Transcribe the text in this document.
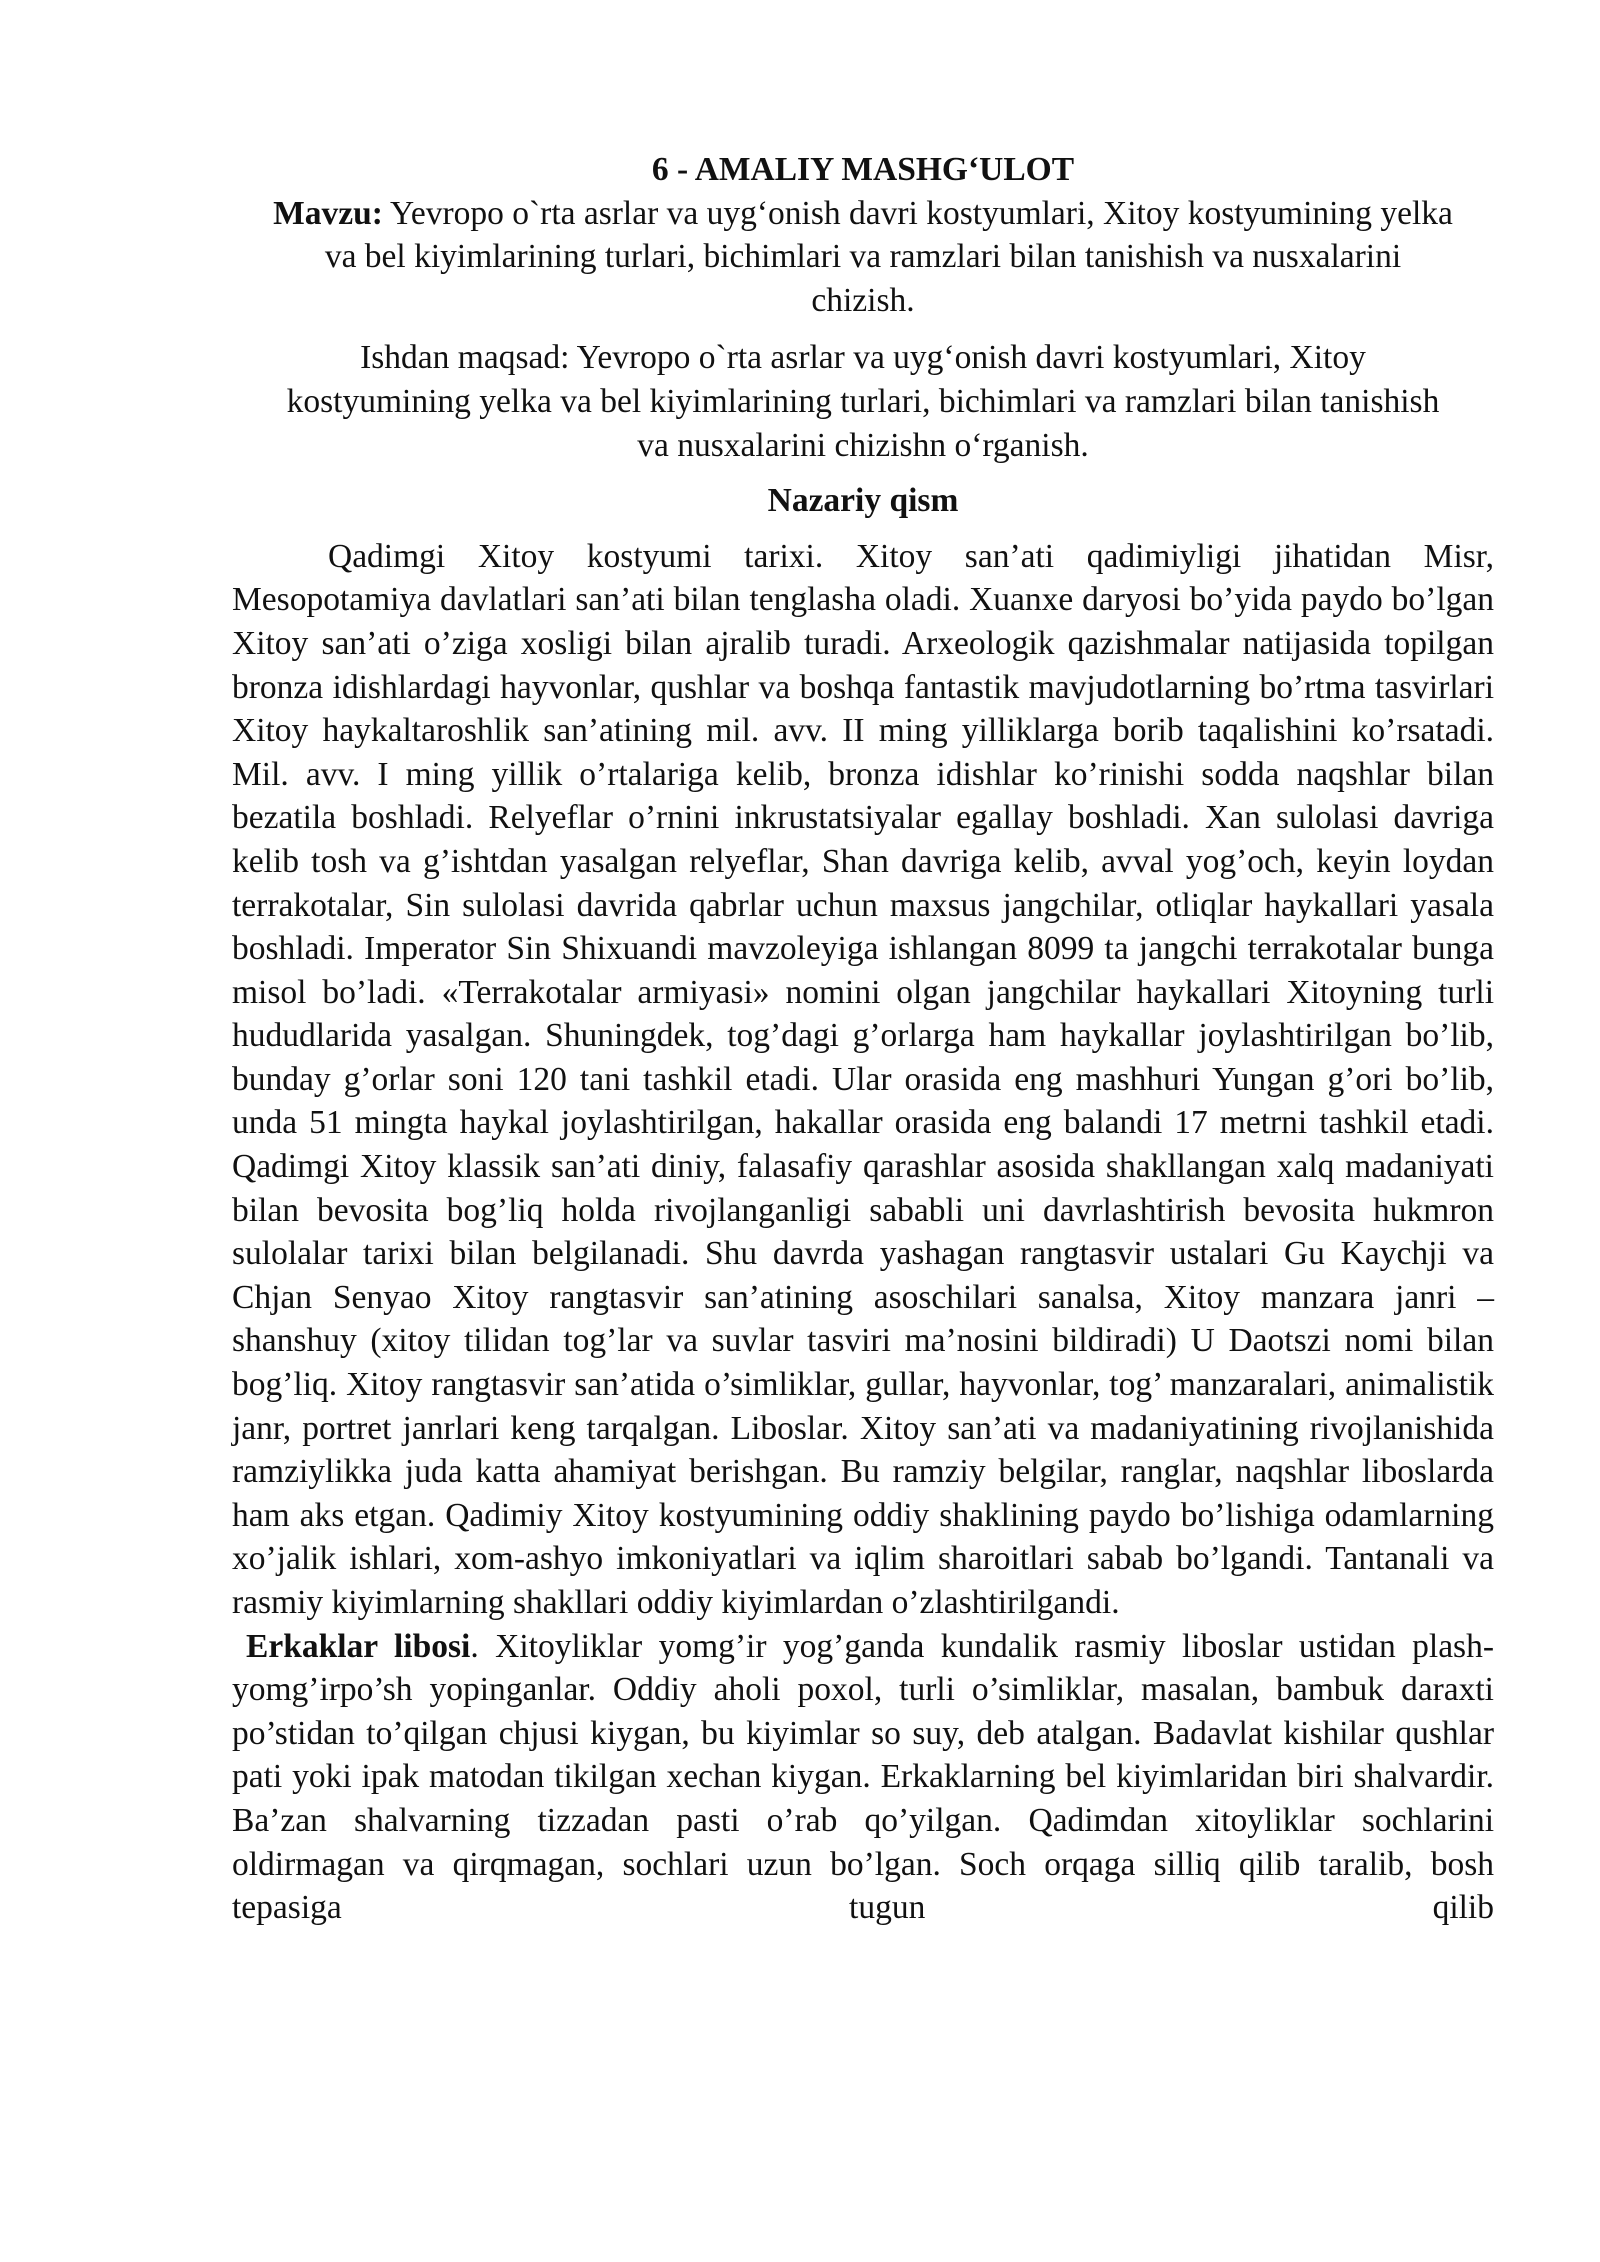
6 - AMALIY MASHG‘ULOT

Mavzu: Yevropo o`rta asrlar va uyg‘onish davri kostyumlari, Xitoy kostyumining yelka va bel kiyimlarining turlari, bichimlari va ramzlari bilan tanishish va nusxalarini chizish.

Ishdan maqsad: Yevropo o`rta asrlar va uyg‘onish davri kostyumlari, Xitoy kostyumining yelka va bel kiyimlarining turlari, bichimlari va ramzlari bilan tanishish va nusxalarini chizishn o‘rganish.

Nazariy qism

Qadimgi Xitoy kostyumi tarixi. Xitoy san’ati qadimiyligi jihatidan Misr, Mesopotamiya davlatlari san’ati bilan tenglasha oladi. Xuanxe daryosi bo’yida paydo bo’lgan Xitoy san’ati o’ziga xosligi bilan ajralib turadi. Arxeologik qazishmalar natijasida topilgan bronza idishlardagi hayvonlar, qushlar va boshqa fantastik mavjudotlarning bo’rtma tasvirlari Xitoy haykaltaroshlik san’atining mil. avv. II ming yilliklarga borib taqalishini ko’rsatadi. Mil. avv. I ming yillik o’rtalariga kelib, bronza idishlar ko’rinishi sodda naqshlar bilan bezatila boshladi. Relyeflar o’rnini inkrustatsiyalar egallay boshladi. Xan sulolasi davriga kelib tosh va g’ishtdan yasalgan relyeflar, Shan davriga kelib, avval yog’och, keyin loydan terrakotalar, Sin sulolasi davrida qabrlar uchun maxsus jangchilar, otliqlar haykallari yasala boshladi. Imperator Sin Shixuandi mavzoleyiga ishlangan 8099 ta jangchi terrakotalar bunga misol bo’ladi. «Terrakotalar armiyasi» nomini olgan jangchilar haykallari Xitoyning turli hududlarida yasalgan. Shuningdek, tog’dagi g’orlarga ham haykallar joylashtirilgan bo’lib, bunday g’orlar soni 120 tani tashkil etadi. Ular orasida eng mashhuri Yungan g’ori bo’lib, unda 51 mingta haykal joylashtirilgan, hakallar orasida eng balandi 17 metrni tashkil etadi. Qadimgi Xitoy klassik san’ati diniy, falasafiy qarashlar asosida shakllangan xalq madaniyati bilan bevosita bog’liq holda rivojlanganligi sababli uni davrlashtirish bevosita hukmron sulolalar tarixi bilan belgilanadi. Shu davrda yashagan rangtasvir ustalari Gu Kaychji va Chjan Senyao Xitoy rangtasvir san’atining asoschilari sanalsa, Xitoy manzara janri – shanshuy (xitoy tilidan tog’lar va suvlar tasviri ma’nosini bildiradi) U Daotszi nomi bilan bog’liq. Xitoy rangtasvir san’atida o’simliklar, gullar, hayvonlar, tog’ manzaralari, animalistik janr, portret janrlari keng tarqalgan. Liboslar. Xitoy san’ati va madaniyatining rivojlanishida ramziylikka juda katta ahamiyat berishgan. Bu ramziy belgilar, ranglar, naqshlar liboslarda ham aks etgan. Qadimiy Xitoy kostyumining oddiy shaklining paydo bo’lishiga odamlarning xo’jalik ishlari, xom-ashyo imkoniyatlari va iqlim sharoitlari sabab bo’lgandi. Tantanali va rasmiy kiyimlarning shakllari oddiy kiyimlardan o’zlashtirilgandi.

Erkaklar libosi. Xitoyliklar yomg’ir yog’ganda kundalik rasmiy liboslar ustidan plash-yomg’irpo’sh yopinganlar. Oddiy aholi poxol, turli o’simliklar, masalan, bambuk daraxti po’stidan to’qilgan chjusi kiygan, bu kiyimlar so suy, deb atalgan. Badavlat kishilar qushlar pati yoki ipak matodan tikilgan xechan kiygan. Erkaklarning bel kiyimlaridan biri shalvardir. Ba’zan shalvarning tizzadan pasti o’rab qo’yilgan. Qadimdan xitoyliklar sochlarini oldirmagan va qirqmagan, sochlari uzun bo’lgan. Soch orqaga silliq qilib taralib, bosh tepasiga tugun qilib
